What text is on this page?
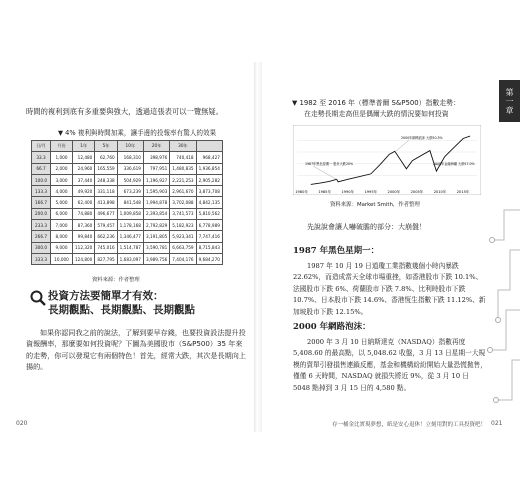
時間的複利到底有多重要與強大，透過這張表可以一覽無疑。
▼ 4% 複利與時間加乘，讓手邊的投報率有驚人的效果
日/月	月份	1年	5年	10年	20年	30年	
33.3	1,000	12,480	62,760	168,310	398,976	740,418	968,427
66.7	2,000	24,960	165,559	336,619	797,951	1,480,835	1,936,854
100.0	3,000	37,440	248,338	504,929	1,196,927	2,221,253	2,905,282
133.3	4,000	49,920	331,118	673,239	1,595,903	2,961,670	3,873,708
166.7	5,000	62,400	413,898	841,548	1,994,878	3,702,088	4,842,135
200.0	6,000	74,880	496,677	1,009,858	2,393,854	3,741,573	5,810,562
233.3	7,000	87,360	579,457	1,178,168	2,792,829	5,182,923	6,778,989
266.7	8,000	99,840	662,236	1,346,477	3,191,805	5,923,341	7,747,416
300.0	9,000	112,320	745,016	1,514,787	3,590,781	6,663,759	8,715,843
333.3	10,000	124,800	827,795	1,683,097	3,989,756	7,404,176	9,684,270
資料來源：作者整理
投資方法要簡單才有效：
長期觀點、長期觀點、長期觀點
如果你認同我之前的說法，了解到要早存錢，也要投資設法提升投資報酬率，那麼要如何投資呢？下圖為美國股市（S&P500）35 年來的走勢，你可以發現它有兩個特色！首先，經常大跌，其次是長期向上揚的。
020
第一章
▼ 1982 至 2016 年（標準普爾 S&P500）指數走勢：
在走勢長期走高但是偶爾大跌的情況要如何投資
1980年	1985年	1990年	1995年	2000年	2005年	2010年	2015年
1987年黑色星期一 股市大跌20%
2000年網路泡沫 大跌50.3%
2008年金融海嘯 大跌57.0%
資料來源：Market Smith，作者整理
先說說會讓人嚇破膽的部分：大崩盤！
1987 年黑色星期一：
1987 年 10 月 19 日道瓊工業指數幾個小時內暴跌 22.62%，而造成當天全球市場重挫，如香港股市下跌 10.1%、法國股市下跌 6%、荷蘭股市下跌 7.8%、比利時股市下跌 10.7%、日本股市下跌 14.6%、香港恆生指數下跌 11.12%、新加坡股市下跌 12.15%。
2000 年網路泡沫：
2000 年 3 月 10 日納斯達克（NASDAQ）指數再度 5,408.60 的最高點，以 5,048.62 收盤，3 月 13 日星期一大規模的賣單引發損售連鎖反應，基金和機構紛紛開始大量恐慌拋售，僅僅 6 天時間，NASDAQ 就損失將近 9%，從 3 月 10 日 5048 點掉到 3 月 15 日的 4,580 點。
存一桶金比實現夢想，紙是安心退休！立刻用對的工具投資吧！ 021
